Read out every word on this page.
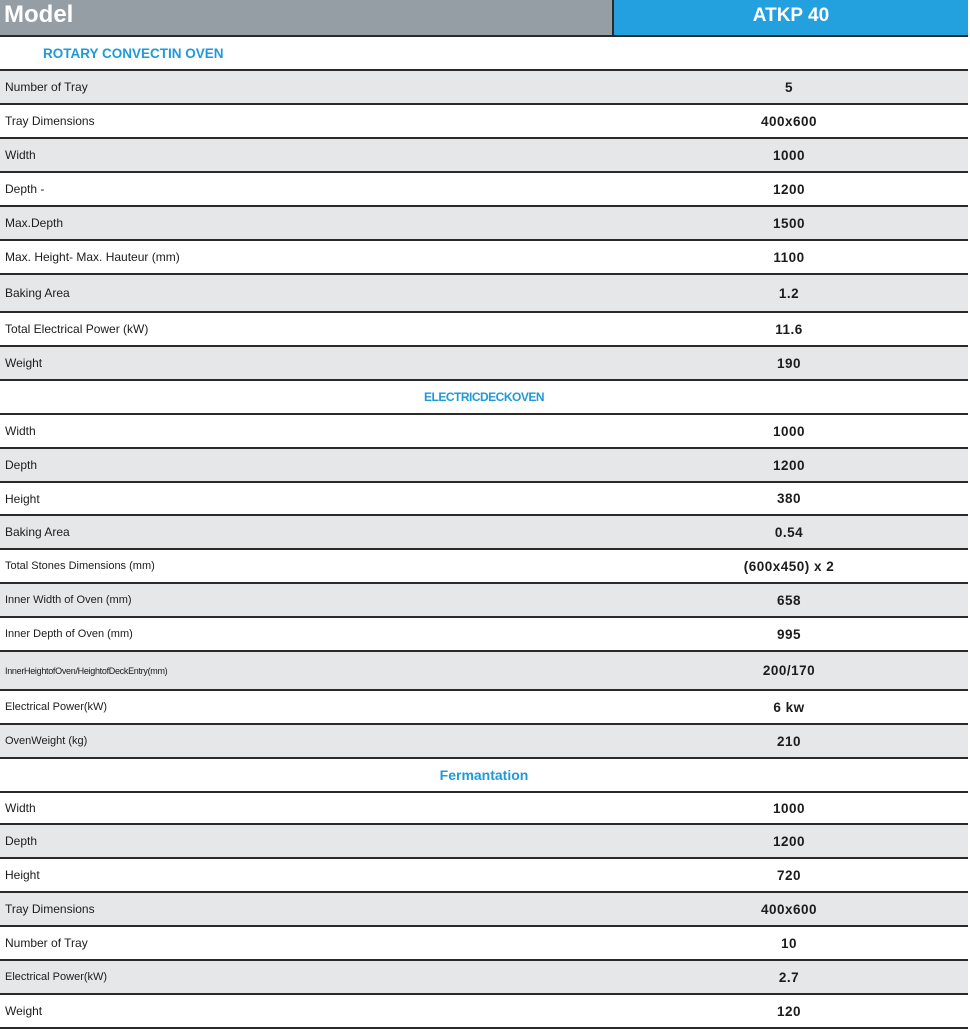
Model	ATKP 40
ROTARY CONVECTIN OVEN
Number of Tray	5
Tray Dimensions	400x600
Width	1000
Depth -	1200
Max.Depth	1500
Max. Height- Max. Hauteur (mm)	1100
Baking Area	1.2
Total Electrical Power (kW)	11.6
Weight	190
ELECTRICDECKOVEN
Width	1000
Depth	1200
Height	380
Baking Area	0.54
Total Stones Dimensions (mm)	(600x450) x 2
Inner Width of Oven (mm)	658
Inner Depth of Oven (mm)	995
InnerHeightofOven/HeightofDeckEntry(mm)	200/170
Electrical Power(kW)	6 kw
OvenWeight (kg)	210
Fermantation
Width	1000
Depth	1200
Height	720
Tray Dimensions	400x600
Number of Tray	10
Electrical Power(kW)	2.7
Weight	120
